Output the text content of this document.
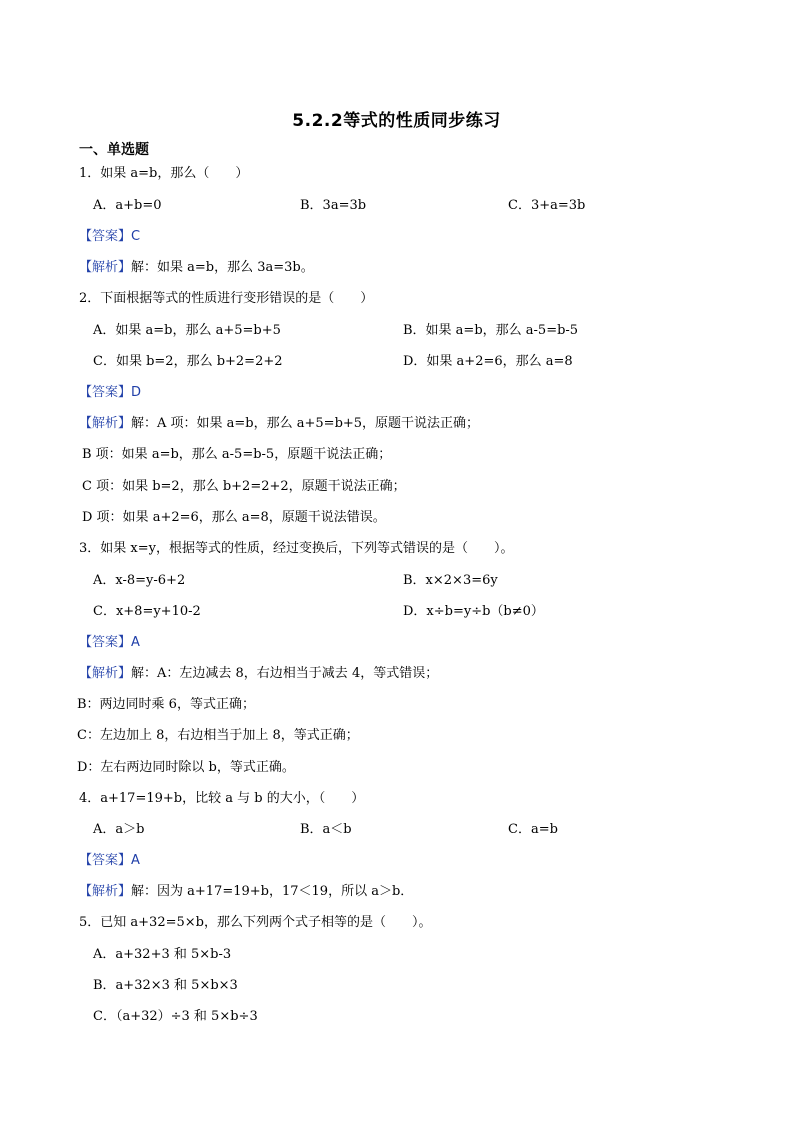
5.2.2等式的性质同步练习
一、单选题
1．如果 a=b，那么（　　）
A．a+b=0	B．3a=3b	C．3+a=3b
【答案】C
【解析】解：如果 a=b，那么 3a=3b。
2．下面根据等式的性质进行变形错误的是（　　）
A．如果 a=b，那么 a+5=b+5	B．如果 a=b，那么 a-5=b-5
C．如果 b=2，那么 b+2=2+2	D．如果 a+2=6，那么 a=8
【答案】D
【解析】解：A 项：如果 a=b，那么 a+5=b+5，原题干说法正确；
B 项：如果 a=b，那么 a-5=b-5，原题干说法正确；
C 项：如果 b=2，那么 b+2=2+2，原题干说法正确；
D 项：如果 a+2=6，那么 a=8，原题干说法错误。
3．如果 x=y，根据等式的性质，经过变换后，下列等式错误的是（　　）。
A．x-8=y-6+2	B．x×2×3=6y
C．x+8=y+10-2	D．x÷b=y÷b（b≠0）
【答案】A
【解析】解：A：左边减去 8，右边相当于减去 4，等式错误；
B：两边同时乘 6，等式正确；
C：左边加上 8，右边相当于加上 8，等式正确；
D：左右两边同时除以 b，等式正确。
4．a+17=19+b，比较 a 与 b 的大小，（　　）
A．a＞b	B．a＜b	C．a=b
【答案】A
【解析】解：因为 a+17=19+b，17＜19，所以 a＞b．
5．已知 a+32=5×b，那么下列两个式子相等的是（　　）。
A．a+32+3 和 5×b-3
B．a+32×3 和 5×b×3
C．（a+32）÷3 和 5×b÷3
